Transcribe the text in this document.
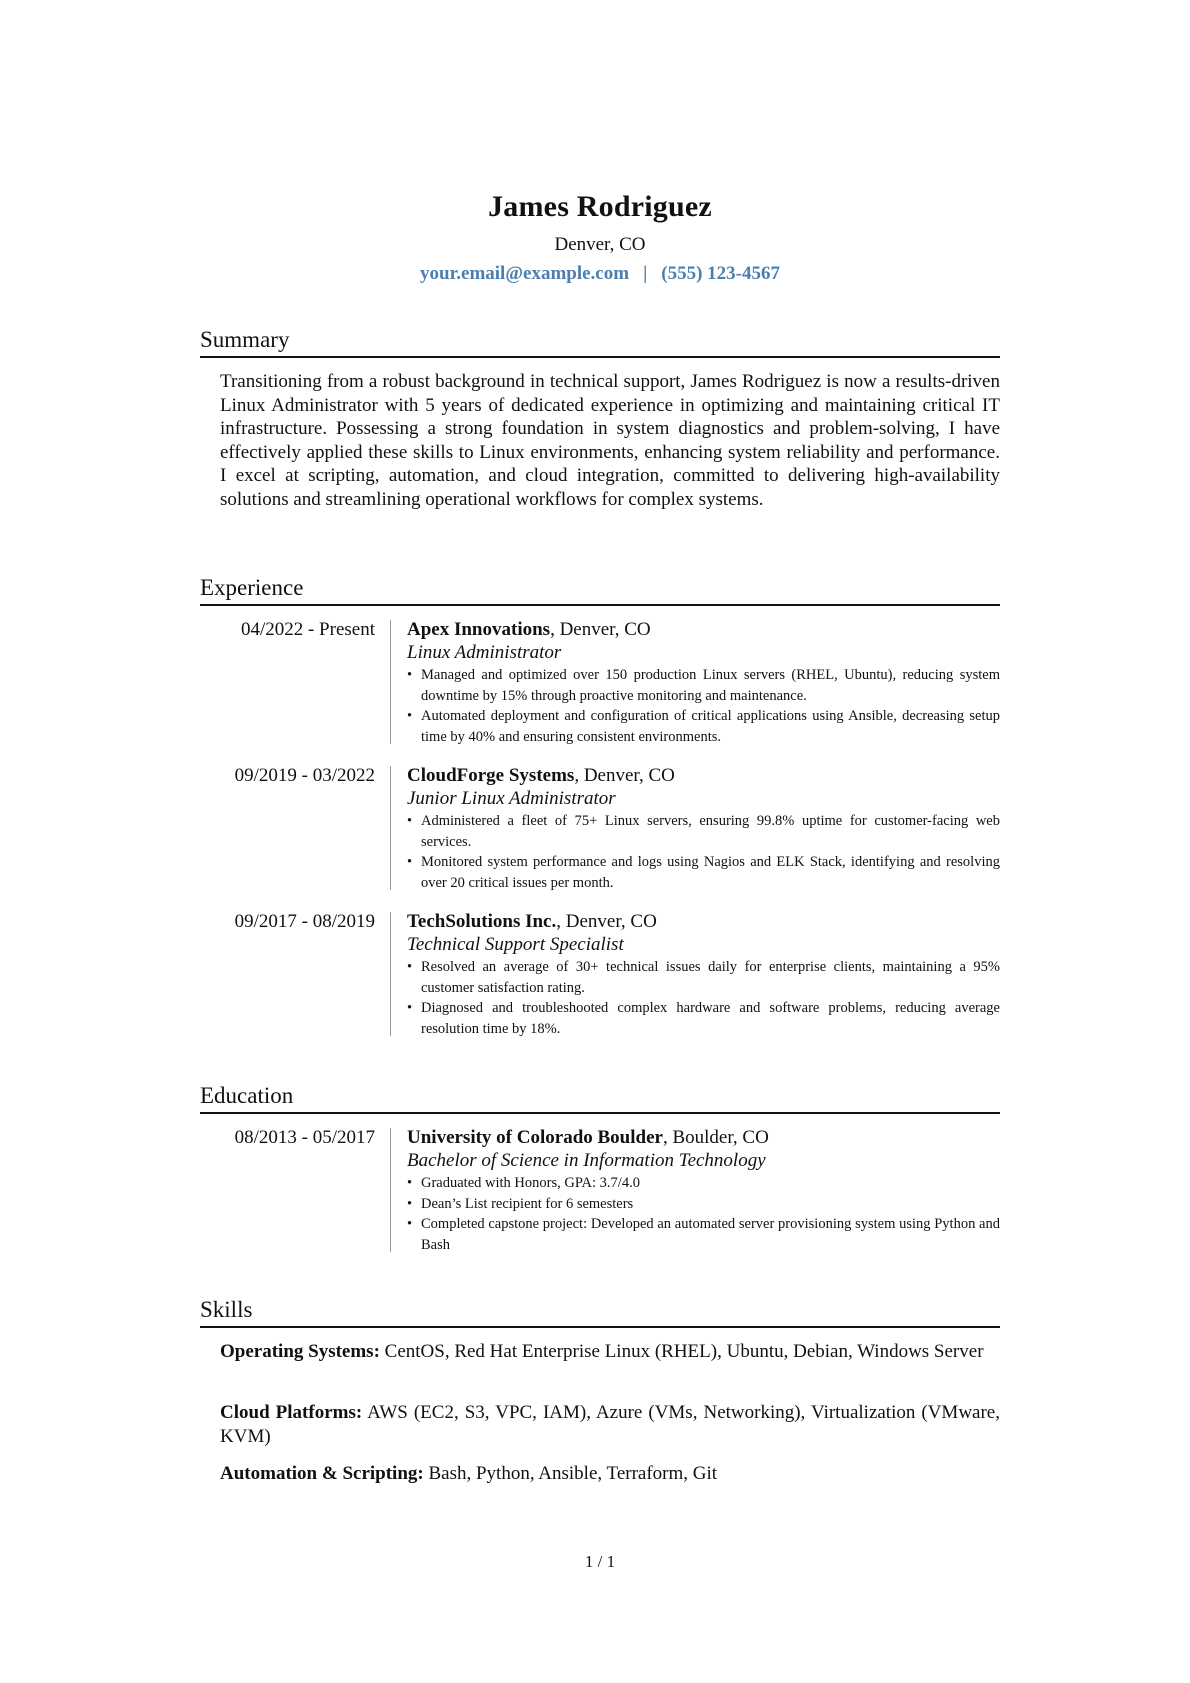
James Rodriguez
Denver, CO
your.email@example.com | (555) 123-4567
Summary
Transitioning from a robust background in technical support, James Rodriguez is now a results-driven Linux Administrator with 5 years of dedicated experience in optimizing and maintaining critical IT infrastructure. Possessing a strong foundation in system diagnostics and problem-solving, I have effectively applied these skills to Linux environments, enhancing system reliability and performance. I excel at scripting, automation, and cloud integration, committed to delivering high-availability solutions and streamlining operational workflows for complex systems.
Experience
04/2022 - Present Apex Innovations, Denver, CO
Linux Administrator
• Managed and optimized over 150 production Linux servers (RHEL, Ubuntu), reducing system downtime by 15% through proactive monitoring and maintenance.
• Automated deployment and configuration of critical applications using Ansible, decreasing setup time by 40% and ensuring consistent environments.
09/2019 - 03/2022 CloudForge Systems, Denver, CO
Junior Linux Administrator
• Administered a fleet of 75+ Linux servers, ensuring 99.8% uptime for customer-facing web services.
• Monitored system performance and logs using Nagios and ELK Stack, identifying and resolving over 20 critical issues per month.
09/2017 - 08/2019 TechSolutions Inc., Denver, CO
Technical Support Specialist
• Resolved an average of 30+ technical issues daily for enterprise clients, maintaining a 95% customer satisfaction rating.
• Diagnosed and troubleshooted complex hardware and software problems, reducing average resolution time by 18%.
Education
08/2013 - 05/2017 University of Colorado Boulder, Boulder, CO
Bachelor of Science in Information Technology
• Graduated with Honors, GPA: 3.7/4.0
• Dean’s List recipient for 6 semesters
• Completed capstone project: Developed an automated server provisioning system using Python and Bash
Skills
Operating Systems: CentOS, Red Hat Enterprise Linux (RHEL), Ubuntu, Debian, Windows Server
Cloud Platforms: AWS (EC2, S3, VPC, IAM), Azure (VMs, Networking), Virtualization (VMware, KVM)
Automation & Scripting: Bash, Python, Ansible, Terraform, Git
1 / 1
